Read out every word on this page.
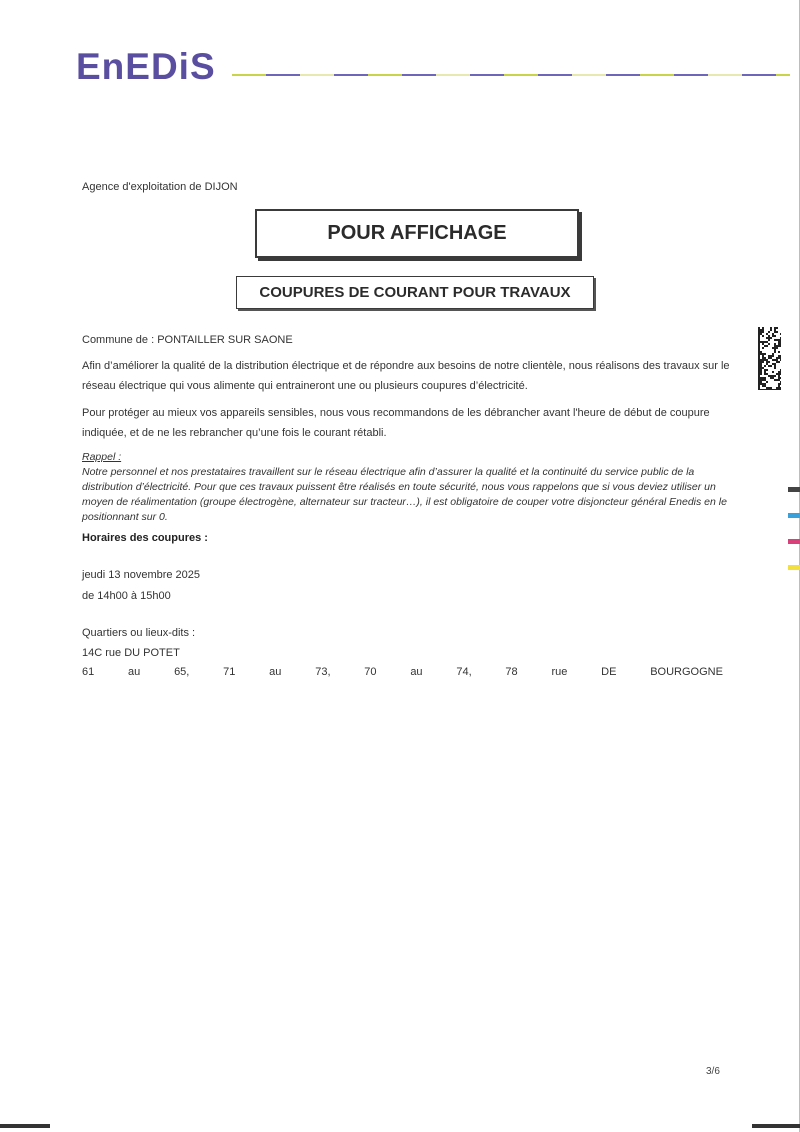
EnEDiS
Agence d'exploitation de DIJON
POUR AFFICHAGE
COUPURES DE COURANT POUR TRAVAUX
Commune de : PONTAILLER SUR SAONE
Afin d’améliorer la qualité de la distribution électrique et de répondre aux besoins de notre clientèle, nous réalisons des travaux sur le réseau électrique qui vous alimente qui entraineront une ou plusieurs coupures d’électricité.
Pour protéger au mieux vos appareils sensibles, nous vous recommandons de les débrancher avant l'heure de début de coupure indiquée, et de ne les rebrancher qu’une fois le courant rétabli.
Rappel :
Notre personnel et nos prestataires travaillent sur le réseau électrique afin d’assurer la qualité et la continuité du service public de la distribution d’électricité. Pour que ces travaux puissent être réalisés en toute sécurité, nous vous rappelons que si vous deviez utiliser un moyen de réalimentation (groupe électrogène, alternateur sur tracteur…), il est obligatoire de couper votre disjoncteur général Enedis en le positionnant sur 0.
Horaires des coupures :
jeudi 13 novembre 2025
de 14h00 à 15h00
Quartiers ou lieux-dits :
14C rue DU POTET
61	au	65,	71	au	73,	70	au	74,	78	rue	DE	BOURGOGNE
3/6
